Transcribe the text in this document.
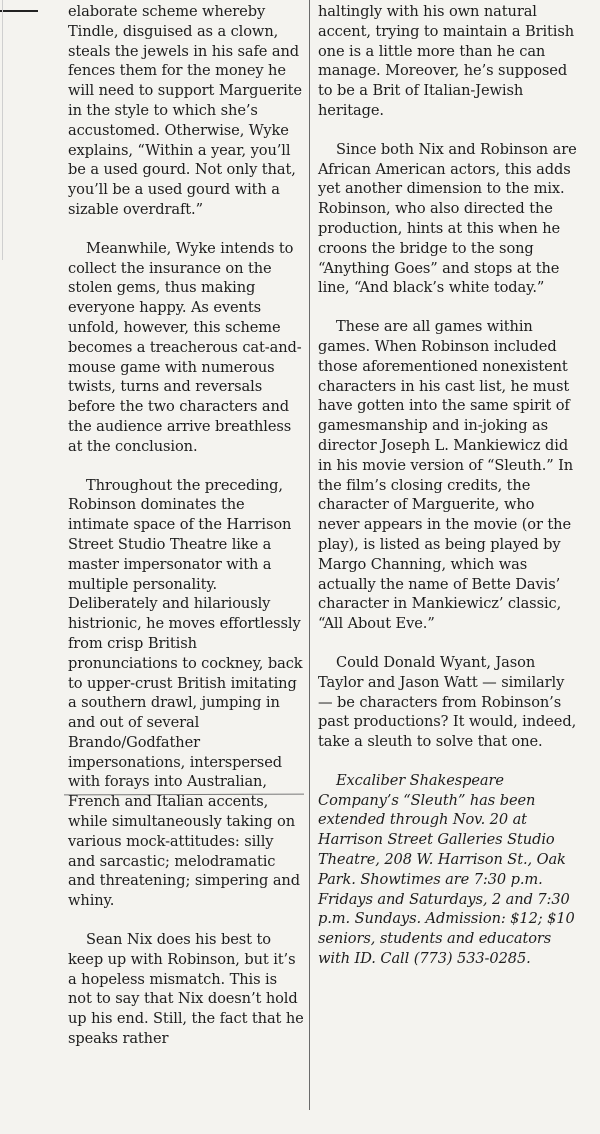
elaborate scheme whereby Tindle, disguised as a clown, steals the jewels in his safe and fences them for the money he will need to support Marguerite in the style to which she’s accustomed. Otherwise, Wyke explains, “Within a year, you’ll be a used gourd. Not only that, you’ll be a used gourd with a sizable overdraft.”

Meanwhile, Wyke intends to collect the insurance on the stolen gems, thus making everyone happy. As events unfold, however, this scheme becomes a treacherous cat-and-mouse game with numerous twists, turns and reversals before the two characters and the audience arrive breathless at the conclusion.

Throughout the preceding, Robinson dominates the intimate space of the Harrison Street Studio Theatre like a master impersonator with a multiple personality. Deliberately and hilariously histrionic, he moves effortlessly from crisp British pronunciations to cockney, back to upper-crust British imitating a southern drawl, jumping in and out of several Brando/Godfather impersonations, interspersed with forays into Australian, French and Italian accents, while simultaneously taking on various mock-attitudes: silly and sarcastic; melodramatic and threatening; simpering and whiny.

Sean Nix does his best to keep up with Robinson, but it’s a hopeless mismatch. This is not to say that Nix doesn’t hold up his end. Still, the fact that he speaks rather

haltingly with his own natural accent, trying to maintain a British one is a little more than he can manage. Moreover, he’s supposed to be a Brit of Italian-Jewish heritage.

Since both Nix and Robinson are African American actors, this adds yet another dimension to the mix. Robinson, who also directed the production, hints at this when he croons the bridge to the song “Anything Goes” and stops at the line, “And black’s white today.”

These are all games within games. When Robinson included those aforementioned nonexistent characters in his cast list, he must have gotten into the same spirit of gamesmanship and in-joking as director Joseph L. Mankiewicz did in his movie version of “Sleuth.” In the film’s closing credits, the character of Marguerite, who never appears in the movie (or the play), is listed as being played by Margo Channing, which was actually the name of Bette Davis’ character in Mankiewicz’ classic, “All About Eve.”

Could Donald Wyant, Jason Taylor and Jason Watt — similarly — be characters from Robinson’s past productions? It would, indeed, take a sleuth to solve that one.

Excaliber Shakespeare Company’s “Sleuth” has been extended through Nov. 20 at Harrison Street Galleries Studio Theatre, 208 W. Harrison St., Oak Park. Showtimes are 7:30 p.m. Fridays and Saturdays, 2 and 7:30 p.m. Sundays. Admission: $12; $10 seniors, students and educators with ID. Call (773) 533-0285.
